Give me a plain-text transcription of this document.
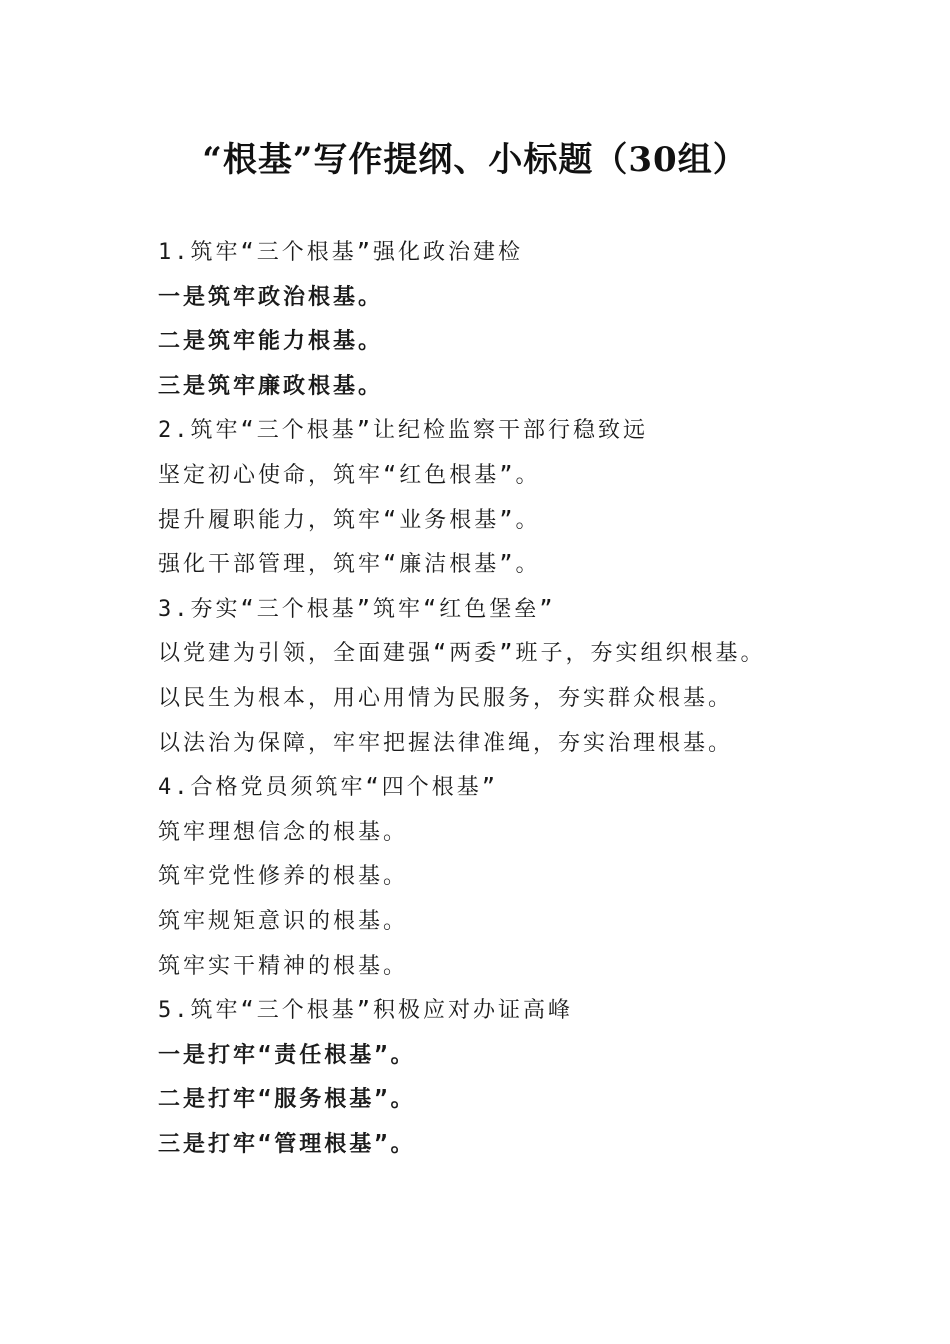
“根基”写作提纲、小标题（30组）
1.筑牢“三个根基”强化政治建检
一是筑牢政治根基。
二是筑牢能力根基。
三是筑牢廉政根基。
2.筑牢“三个根基”让纪检监察干部行稳致远
坚定初心使命，筑牢“红色根基”。
提升履职能力，筑牢“业务根基”。
强化干部管理，筑牢“廉洁根基”。
3.夯实“三个根基”筑牢“红色堡垒”
以党建为引领，全面建强“两委”班子，夯实组织根基。
以民生为根本，用心用情为民服务，夯实群众根基。
以法治为保障，牢牢把握法律准绳，夯实治理根基。
4.合格党员须筑牢“四个根基”
筑牢理想信念的根基。
筑牢党性修养的根基。
筑牢规矩意识的根基。
筑牢实干精神的根基。
5.筑牢“三个根基”积极应对办证高峰
一是打牢“责任根基”。
二是打牢“服务根基”。
三是打牢“管理根基”。
